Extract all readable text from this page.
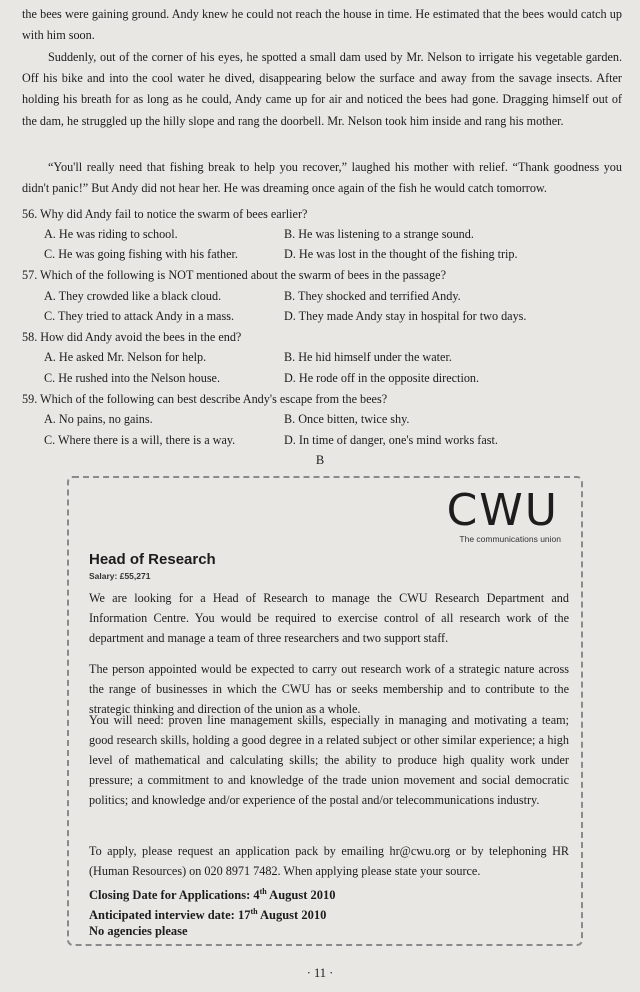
the bees were gaining ground. Andy knew he could not reach the house in time. He estimated that the bees would catch up with him soon.
Suddenly, out of the corner of his eyes, he spotted a small dam used by Mr. Nelson to irrigate his vegetable garden. Off his bike and into the cool water he dived, disappearing below the surface and away from the savage insects. After holding his breath for as long as he could, Andy came up for air and noticed the bees had gone. Dragging himself out of the dam, he struggled up the hilly slope and rang the doorbell. Mr. Nelson took him inside and rang his mother.
“You'll really need that fishing break to help you recover,” laughed his mother with relief. “Thank goodness you didn't panic!” But Andy did not hear her. He was dreaming once again of the fish he would catch tomorrow.
56. Why did Andy fail to notice the swarm of bees earlier?
A. He was riding to school.	B. He was listening to a strange sound.
C. He was going fishing with his father.	D. He was lost in the thought of the fishing trip.
57. Which of the following is NOT mentioned about the swarm of bees in the passage?
A. They crowded like a black cloud.	B. They shocked and terrified Andy.
C. They tried to attack Andy in a mass.	D. They made Andy stay in hospital for two days.
58. How did Andy avoid the bees in the end?
A. He asked Mr. Nelson for help.	B. He hid himself under the water.
C. He rushed into the Nelson house.	D. He rode off in the opposite direction.
59. Which of the following can best describe Andy's escape from the bees?
A. No pains, no gains.	B. Once bitten, twice shy.
C. Where there is a will, there is a way.	D. In time of danger, one's mind works fast.
B
CWU
The communications union
Head of Research
Salary: £55,271
We are looking for a Head of Research to manage the CWU Research Department and Information Centre. You would be required to exercise control of all research work of the department and manage a team of three researchers and two support staff.
The person appointed would be expected to carry out research work of a strategic nature across the range of businesses in which the CWU has or seeks membership and to contribute to the strategic thinking and direction of the union as a whole.
You will need: proven line management skills, especially in managing and motivating a team; good research skills, holding a good degree in a related subject or other similar experience; a high level of mathematical and calculating skills; the ability to produce high quality work under pressure; a commitment to and knowledge of the trade union movement and social democratic politics; and knowledge and/or experience of the postal and/or telecommunications industry.
To apply, please request an application pack by emailing hr@cwu.org or by telephoning HR (Human Resources) on 020 8971 7482. When applying please state your source.
Closing Date for Applications: 4th August 2010
Anticipated interview date: 17th August 2010
No agencies please
· 11 ·
